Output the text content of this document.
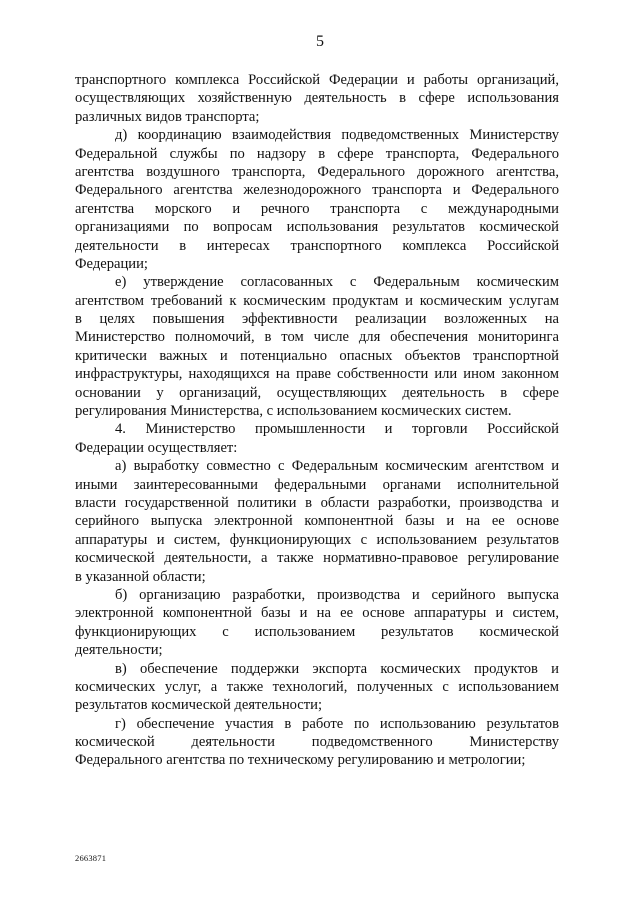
5
транспортного комплекса Российской Федерации и работы организаций,
осуществляющих хозяйственную деятельность в сфере использования
различных видов транспорта;
д) координацию взаимодействия подведомственных Министерству
Федеральной службы по надзору в сфере транспорта, Федерального
агентства воздушного транспорта, Федерального дорожного агентства,
Федерального агентства железнодорожного транспорта и Федерального
агентства морского и речного транспорта с международными
организациями по вопросам использования результатов космической
деятельности в интересах транспортного комплекса Российской
Федерации;
е) утверждение согласованных с Федеральным космическим
агентством требований к космическим продуктам и космическим услугам
в целях повышения эффективности реализации возложенных на
Министерство полномочий, в том числе для обеспечения мониторинга
критически важных и потенциально опасных объектов транспортной
инфраструктуры, находящихся на праве собственности или ином законном
основании у организаций, осуществляющих деятельность в сфере
регулирования Министерства, с использованием космических систем.
4. Министерство промышленности и торговли Российской
Федерации осуществляет:
а) выработку совместно с Федеральным космическим агентством и
иными заинтересованными федеральными органами исполнительной
власти государственной политики в области разработки, производства и
серийного выпуска электронной компонентной базы и на ее основе
аппаратуры и систем, функционирующих с использованием результатов
космической деятельности, а также нормативно-правовое регулирование
в указанной области;
б) организацию разработки, производства и серийного выпуска
электронной компонентной базы и на ее основе аппаратуры и систем,
функционирующих с использованием результатов космической
деятельности;
в) обеспечение поддержки экспорта космических продуктов и
космических услуг, а также технологий, полученных с использованием
результатов космической деятельности;
г) обеспечение участия в работе по использованию результатов
космической деятельности подведомственного Министерству
Федерального агентства по техническому регулированию и метрологии;
2663871
